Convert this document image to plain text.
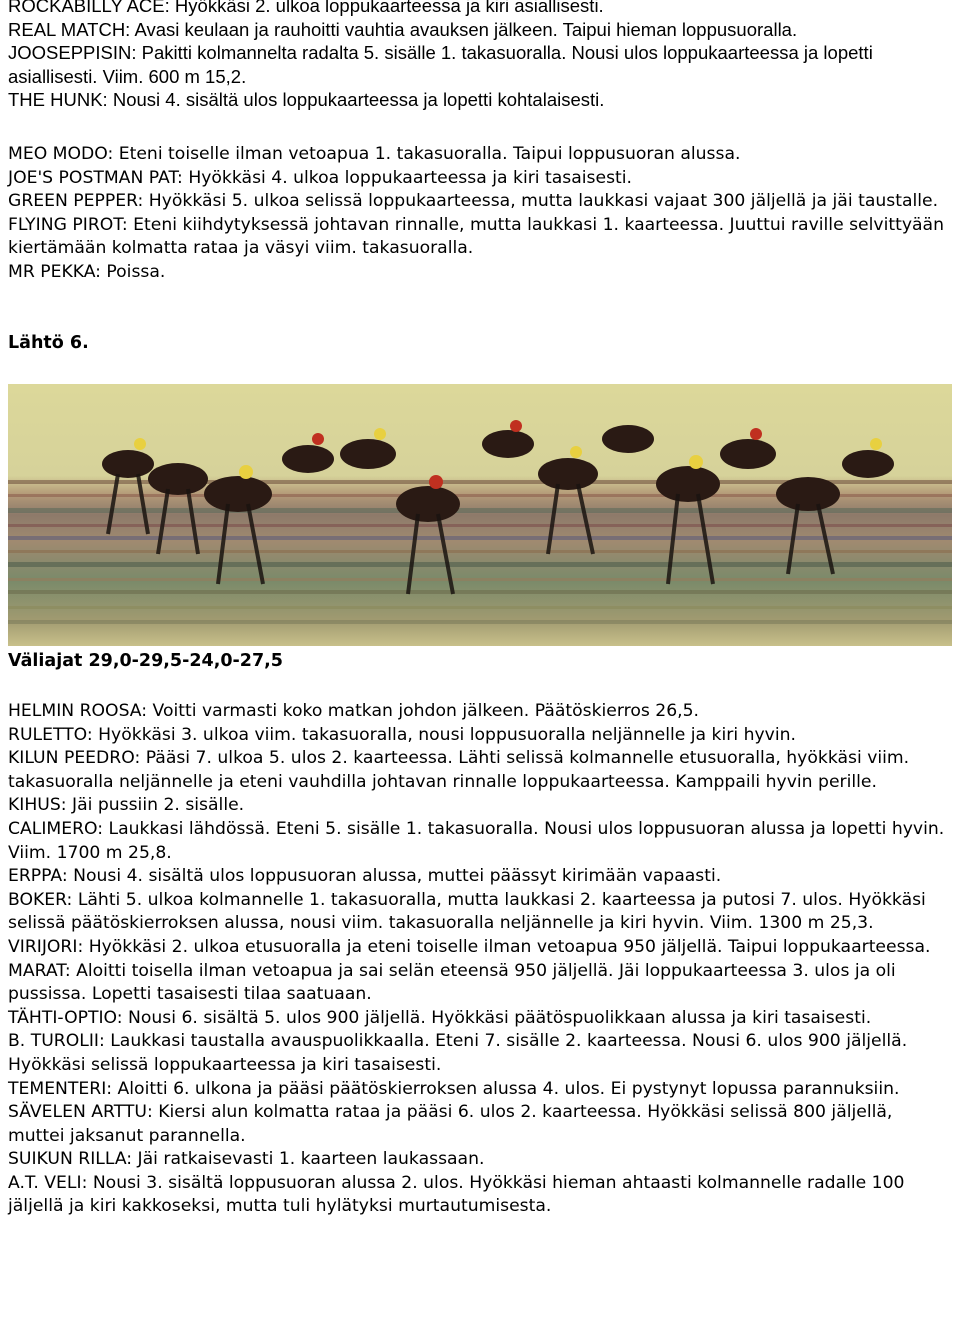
ROCKABILLY ACE: Hyökkäsi 2. ulkoa loppukaarteessa ja kiri asiallisesti.

REAL MATCH: Avasi keulaan ja rauhoitti vauhtia avauksen jälkeen. Taipui hieman loppusuoralla.

JOOSEPPISIN: Pakitti kolmannelta radalta 5. sisälle 1. takasuoralla. Nousi ulos loppukaarteessa ja lopetti asiallisesti. Viim. 600 m 15,2.

THE HUNK: Nousi 4. sisältä ulos loppukaarteessa ja lopetti kohtalaisesti.

MEO MODO: Eteni toiselle ilman vetoapua 1. takasuoralla. Taipui loppusuoran alussa.

JOE'S POSTMAN PAT: Hyökkäsi 4. ulkoa loppukaarteessa ja kiri tasaisesti.

GREEN PEPPER: Hyökkäsi 5. ulkoa selissä loppukaarteessa, mutta laukkasi vajaat 300 jäljellä ja jäi taustalle.

FLYING PIROT: Eteni kiihdytyksessä johtavan rinnalle, mutta laukkasi 1. kaarteessa. Juuttui raville selvittyään kiertämään kolmatta rataa ja väsyi viim. takasuoralla.

MR PEKKA: Poissa.

Lähtö 6.

Väliajat 29,0-29,5-24,0-27,5

HELMIN ROOSA: Voitti varmasti koko matkan johdon jälkeen. Päätöskierros 26,5.

RULETTO: Hyökkäsi 3. ulkoa viim. takasuoralla, nousi loppusuoralla neljännelle ja kiri hyvin.

KILUN PEEDRO: Pääsi 7. ulkoa 5. ulos 2. kaarteessa. Lähti selissä kolmannelle etusuoralla, hyökkäsi viim. takasuoralla neljännelle ja eteni vauhdilla johtavan rinnalle loppukaarteessa. Kamppaili hyvin perille.

KIHUS: Jäi pussiin 2. sisälle.

CALIMERO: Laukkasi lähdössä. Eteni 5. sisälle 1. takasuoralla. Nousi ulos loppusuoran alussa ja lopetti hyvin. Viim. 1700 m 25,8.

ERPPA: Nousi 4. sisältä ulos loppusuoran alussa, muttei päässyt kirimään vapaasti.

BOKER: Lähti 5. ulkoa kolmannelle 1. takasuoralla, mutta laukkasi 2. kaarteessa ja putosi 7. ulos. Hyökkäsi selissä päätöskierroksen alussa, nousi viim. takasuoralla neljännelle ja kiri hyvin. Viim. 1300 m 25,3.

VIRIJORI: Hyökkäsi 2. ulkoa etusuoralla ja eteni toiselle ilman vetoapua 950 jäljellä. Taipui loppukaarteessa.

MARAT: Aloitti toisella ilman vetoapua ja sai selän eteensä 950 jäljellä. Jäi loppukaarteessa 3. ulos ja oli pussissa. Lopetti tasaisesti tilaa saatuaan.

TÄHTI-OPTIO: Nousi 6. sisältä 5. ulos 900 jäljellä. Hyökkäsi päätöspuolikkaan alussa ja kiri tasaisesti.

B. TUROLII: Laukkasi taustalla avauspuolikkaalla. Eteni 7. sisälle 2. kaarteessa. Nousi 6. ulos 900 jäljellä. Hyökkäsi selissä loppukaarteessa ja kiri tasaisesti.

TEMENTERI: Aloitti 6. ulkona ja pääsi päätöskierroksen alussa 4. ulos. Ei pystynyt lopussa parannuksiin.

SÄVELEN ARTTU: Kiersi alun kolmatta rataa ja pääsi 6. ulos 2. kaarteessa. Hyökkäsi selissä 800 jäljellä, muttei jaksanut parannella.

SUIKUN RILLA: Jäi ratkaisevasti 1. kaarteen laukassaan.

A.T. VELI: Nousi 3. sisältä loppusuoran alussa 2. ulos. Hyökkäsi hieman ahtaasti kolmannelle radalle 100 jäljellä ja kiri kakkoseksi, mutta tuli hylätyksi murtautumisesta.
